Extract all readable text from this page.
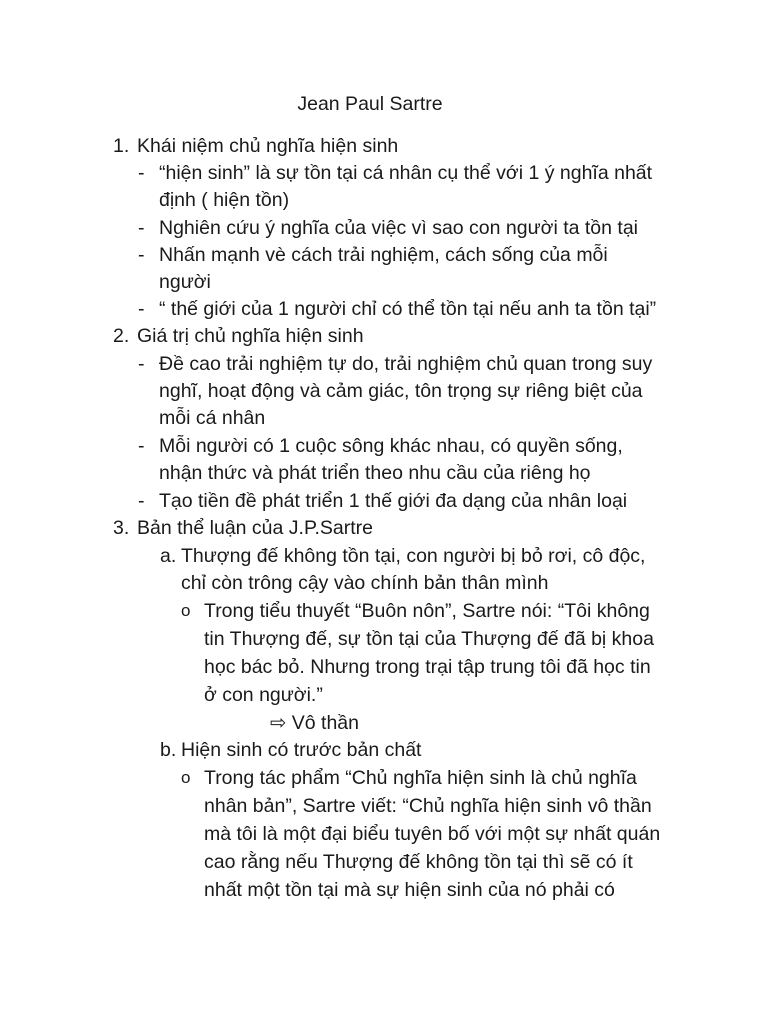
Jean Paul Sartre
1. Khái niệm chủ nghĩa hiện sinh
- “hiện sinh” là sự tồn tại cá nhân cụ thể với 1 ý nghĩa nhất
định ( hiện tồn)
- Nghiên cứu ý nghĩa của việc vì sao con người ta tồn tại
- Nhấn mạnh vè cách trải nghiệm, cách sống của mỗi
người
- “ thế giới của 1 người chỉ có thể tồn tại nếu anh ta tồn tại”
2. Giá trị chủ nghĩa hiện sinh
- Đề cao trải nghiệm tự do, trải nghiệm chủ quan trong suy
nghĩ, hoạt động và cảm giác, tôn trọng sự riêng biệt của
mỗi cá nhân
- Mỗi người có 1 cuộc sông khác nhau, có quyền sống,
nhận thức và phát triển theo nhu cầu của riêng họ
- Tạo tiền đề phát triển 1 thế giới đa dạng của nhân loại
3. Bản thể luận của J.P.Sartre
a. Thượng đế không tồn tại, con người bị bỏ rơi, cô độc,
chỉ còn trông cậy vào chính bản thân mình
o Trong tiểu thuyết “Buôn nôn”, Sartre nói: “Tôi không
tin Thượng đế, sự tồn tại của Thượng đế đã bị khoa
học bác bỏ. Nhưng trong trại tập trung tôi đã học tin
ở con người.”
⇨ Vô thần
b. Hiện sinh có trước bản chất
o Trong tác phẩm “Chủ nghĩa hiện sinh là chủ nghĩa
nhân bản”, Sartre viết: “Chủ nghĩa hiện sinh vô thần
mà tôi là một đại biểu tuyên bố với một sự nhất quán
cao rằng nếu Thượng đế không tồn tại thì sẽ có ít
nhất một tồn tại mà sự hiện sinh của nó phải có
